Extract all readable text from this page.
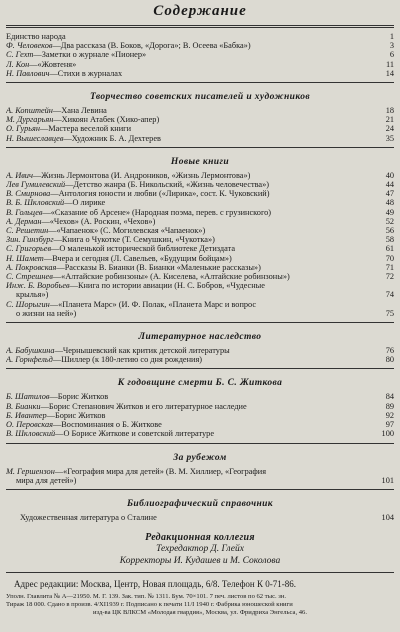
Содержание
Единство народа	1
Ф. Человеков—Два рассказа (В. Боков, «Дорога»; В. Осеева «Бабка»)	3
С. Гехт—Заметки о журнале «Пионер»	6
Л. Кон—«Жовтеня»	11
Н. Павлович—Стихи в журналах	14
Творчество советских писателей и художников
А. Копштейн—Хана Левина	18
М. Дургарьян—Хикоян Атабек (Хико-апер)	21
О. Гурьян—Мастера веселой книги	24
Н. Вышеславцев—Художник Б. А. Дехтерев	35
Новые книги
А. Ивич—Жизнь Лермонтова (И. Андроников, «Жизнь Лермонтова»)	40
Лев Гумилевский—Детство жанра (Б. Никольский, «Жизнь человечества»)	44
В. Смирнова—Антология юности и любви («Лирика», сост. К. Чуковский)	47
В. Б. Шкловский—О лирике	48
В. Гольцев—«Сказание об Арсене» (Народная поэма, перев. с грузинского)	49
А. Дерман—«Чехов» (А. Роскин, «Чехов»)	52
С. Решетин—«Чапаенок» (С. Могилевская «Чапаенок»)	56
Зин. Гинзбург—Книга о Чукотке (Т. Семушкин, «Чукотка»)	58
С. Григорьев—О маленькой исторической библиотеке Детиздата	61
Н. Шамет—Вчера и сегодня (Л. Савельев, «Будущим бойцам»)	70
А. Покровская—Рассказы В. Бианки (В. Бианки «Маленькие рассказы»)	71
С. Стрешнев—«Алтайские робинзоны» (А. Киселева, «Алтайские робинзоны»)	72
Инж. Б. Воробьев—Книга по истории авиации (Н. С. Бобров, «Чудесные
крылья»)	74
С. Шорыгин—«Планета Марс» (И. Ф. Полак, «Планета Марс и вопрос
о жизни на ней»)	75
Литературное наследство
А. Бабушкина—Чернышевский как критик детской литературы	76
А. Горнфельд—Шиллер (к 180-летию со дня рождения)	80
К годовщине смерти Б. С. Житкова
Б. Шатилов—Борис Житков	84
В. Бианки—Борис Степанович Житков и его литературное наследие	89
Б. Ивантер—Борис Житков	92
О. Перовская—Воспоминания о Б. Житкове	97
В. Шкловский—О Борисе Житкове и советской литературе	100
За рубежом
М. Гершензон—«География мира для детей» (В. М. Хиллиер, «География
мира для детей»)	101
Библиографический справочник
Художественная литература о Сталине	104
Редакционная коллегия
Техредактор Д. Глейх
Корректоры И. Кудашев и М. Соколова
Адрес редакции: Москва, Центр, Новая площадь, 6/8. Телефон К 0-71-86.
Уполн. Главлита № А—21950. М. Г. 139. Зак. тип. № 1311. Бум. 70×101. 7 печ. листов по 62 тыс. зн.
Тираж 18 000. Сдано в произв. 4/XI1939 г. Подписано к печати 11/I 1940 г. Фабрика юношеской книги
изд-ва ЦК ВЛКСМ «Молодая гвардия», Москва, ул. Фридриха Энгельса, 46.
